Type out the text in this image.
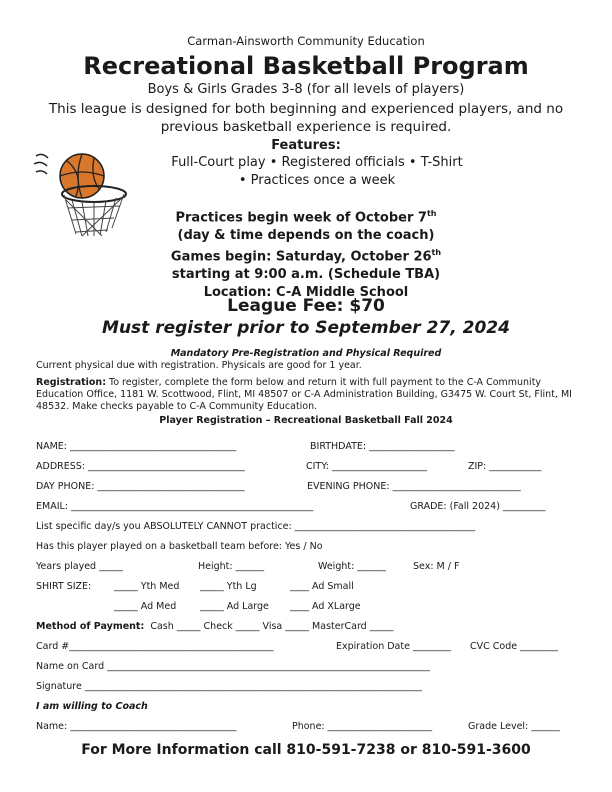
Carman-Ainsworth Community Education
Recreational Basketball Program
Boys & Girls Grades 3-8 (for all levels of players)
This league is designed for both beginning and experienced players, and no previous basketball experience is required.
Features:
Full-Court play • Registered officials • T-Shirt
• Practices once a week
Practices begin week of October 7th
(day & time depends on the coach)
Games begin: Saturday, October 26th
starting at 9:00 a.m. (Schedule TBA)
Location: C-A Middle School
League Fee: $70
Must register prior to September 27, 2024
Mandatory Pre-Registration and Physical Required
Current physical due with registration. Physicals are good for 1 year.
Registration: To register, complete the form below and return it with full payment to the C-A Community Education Office, 1181 W. Scottwood, Flint, MI 48507 or C-A Administration Building, G3475 W. Court St, Flint, MI 48532. Make checks payable to C-A Community Education.
Player Registration – Recreational Basketball Fall 2024
NAME: ___________________________________	BIRTHDATE: __________________
ADDRESS: _________________________________	CITY: ____________________	ZIP: ___________
DAY PHONE: _______________________________	EVENING PHONE: ___________________________
EMAIL: ___________________________________________________	GRADE: (Fall 2024) _________
List specific day/s you ABSOLUTELY CANNOT practice: ______________________________________
Has this player played on a basketball team before: Yes / No
Years played _____	Height: ______	Weight: ______	Sex: M / F
SHIRT SIZE: _____ Yth Med _____ Yth Lg	____ Ad Small
_____ Ad Med	_____ Ad Large ____ Ad XLarge
Method of Payment: Cash _____ Check _____ Visa _____ MasterCard _____
Card #___________________________________________	Expiration Date ________ CVC Code ________
Name on Card ____________________________________________________________________
Signature _______________________________________________________________________
I am willing to Coach
Name: ___________________________________	Phone: ______________________	Grade Level: ______
For More Information call 810-591-7238 or 810-591-3600
